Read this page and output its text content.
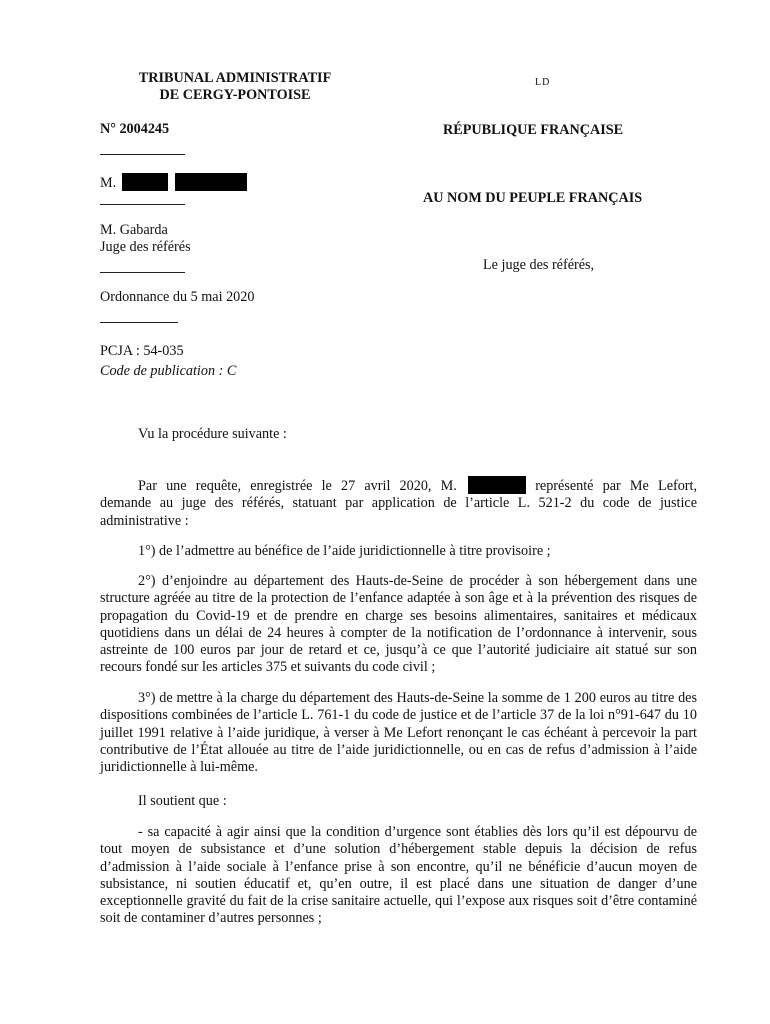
TRIBUNAL ADMINISTRATIF
DE CERGY-PONTOISE
LD
N° 2004245	RÉPUBLIQUE FRANÇAISE
M.
AU NOM DU PEUPLE FRANÇAIS
M. Gabarda
Juge des référés
Le juge des référés,
Ordonnance du 5 mai 2020
PCJA : 54-035
Code de publication : C
Vu la procédure suivante :
Par une requête, enregistrée le 27 avril 2020, M.	représenté par Me Lefort,
demande au juge des référés, statuant par application de l’article L. 521-2 du code de justice administrative :
1°) de l’admettre au bénéfice de l’aide juridictionnelle à titre provisoire ;
2°) d’enjoindre au département des Hauts-de-Seine de procéder à son hébergement dans une structure agréée au titre de la protection de l’enfance adaptée à son âge et à la prévention des risques de propagation du Covid-19 et de prendre en charge ses besoins alimentaires, sanitaires et médicaux quotidiens dans un délai de 24 heures à compter de la notification de l’ordonnance à intervenir, sous astreinte de 100 euros par jour de retard et ce, jusqu’à ce que l’autorité judiciaire ait statué sur son recours fondé sur les articles 375 et suivants du code civil ;
3°) de mettre à la charge du département des Hauts-de-Seine la somme de 1 200 euros au titre des dispositions combinées de l’article L. 761-1 du code de justice et de l’article 37 de la loi n°91-647 du 10 juillet 1991 relative à l’aide juridique, à verser à Me Lefort renonçant le cas échéant à percevoir la part contributive de l’État allouée au titre de l’aide juridictionnelle, ou en cas de refus d’admission à l’aide juridictionnelle à lui-même.
Il soutient que :
- sa capacité à agir ainsi que la condition d’urgence sont établies dès lors qu’il est dépourvu de tout moyen de subsistance et d’une solution d’hébergement stable depuis la décision de refus d’admission à l’aide sociale à l’enfance prise à son encontre, qu’il ne bénéficie d’aucun moyen de subsistance, ni soutien éducatif et, qu’en outre, il est placé dans une situation de danger d’une exceptionnelle gravité du fait de la crise sanitaire actuelle, qui l’expose aux risques soit d’être contaminé soit de contaminer d’autres personnes ;
